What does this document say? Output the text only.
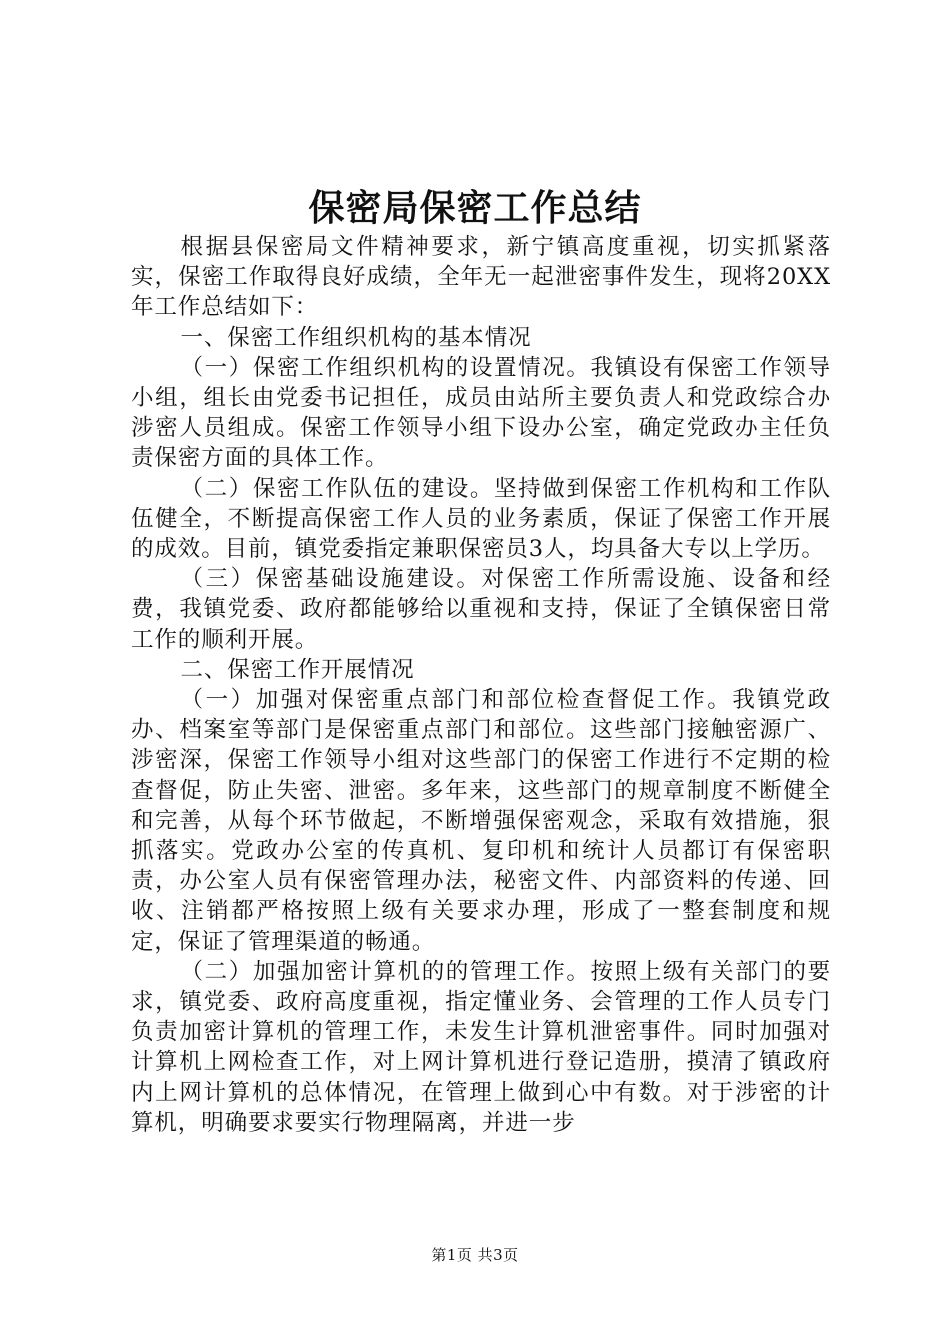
保密局保密工作总结

根据县保密局文件精神要求，新宁镇高度重视，切实抓紧落实，保密工作取得良好成绩，全年无一起泄密事件发生，现将20XX年工作总结如下：

一、保密工作组织机构的基本情况

（一）保密工作组织机构的设置情况。我镇设有保密工作领导小组，组长由党委书记担任，成员由站所主要负责人和党政综合办涉密人员组成。保密工作领导小组下设办公室，确定党政办主任负责保密方面的具体工作。

（二）保密工作队伍的建设。坚持做到保密工作机构和工作队伍健全，不断提高保密工作人员的业务素质，保证了保密工作开展的成效。目前，镇党委指定兼职保密员3人，均具备大专以上学历。

（三）保密基础设施建设。对保密工作所需设施、设备和经费，我镇党委、政府都能够给以重视和支持，保证了全镇保密日常工作的顺利开展。

二、保密工作开展情况

（一）加强对保密重点部门和部位检查督促工作。我镇党政办、档案室等部门是保密重点部门和部位。这些部门接触密源广、涉密深，保密工作领导小组对这些部门的保密工作进行不定期的检查督促，防止失密、泄密。多年来，这些部门的规章制度不断健全和完善，从每个环节做起，不断增强保密观念，采取有效措施，狠抓落实。党政办公室的传真机、复印机和统计人员都订有保密职责，办公室人员有保密管理办法，秘密文件、内部资料的传递、回收、注销都严格按照上级有关要求办理，形成了一整套制度和规定，保证了管理渠道的畅通。

（二）加强加密计算机的的管理工作。按照上级有关部门的要求，镇党委、政府高度重视，指定懂业务、会管理的工作人员专门负责加密计算机的管理工作，未发生计算机泄密事件。同时加强对计算机上网检查工作，对上网计算机进行登记造册，摸清了镇政府内上网计算机的总体情况，在管理上做到心中有数。对于涉密的计算机，明确要求要实行物理隔离，并进一步

第1页 共3页
